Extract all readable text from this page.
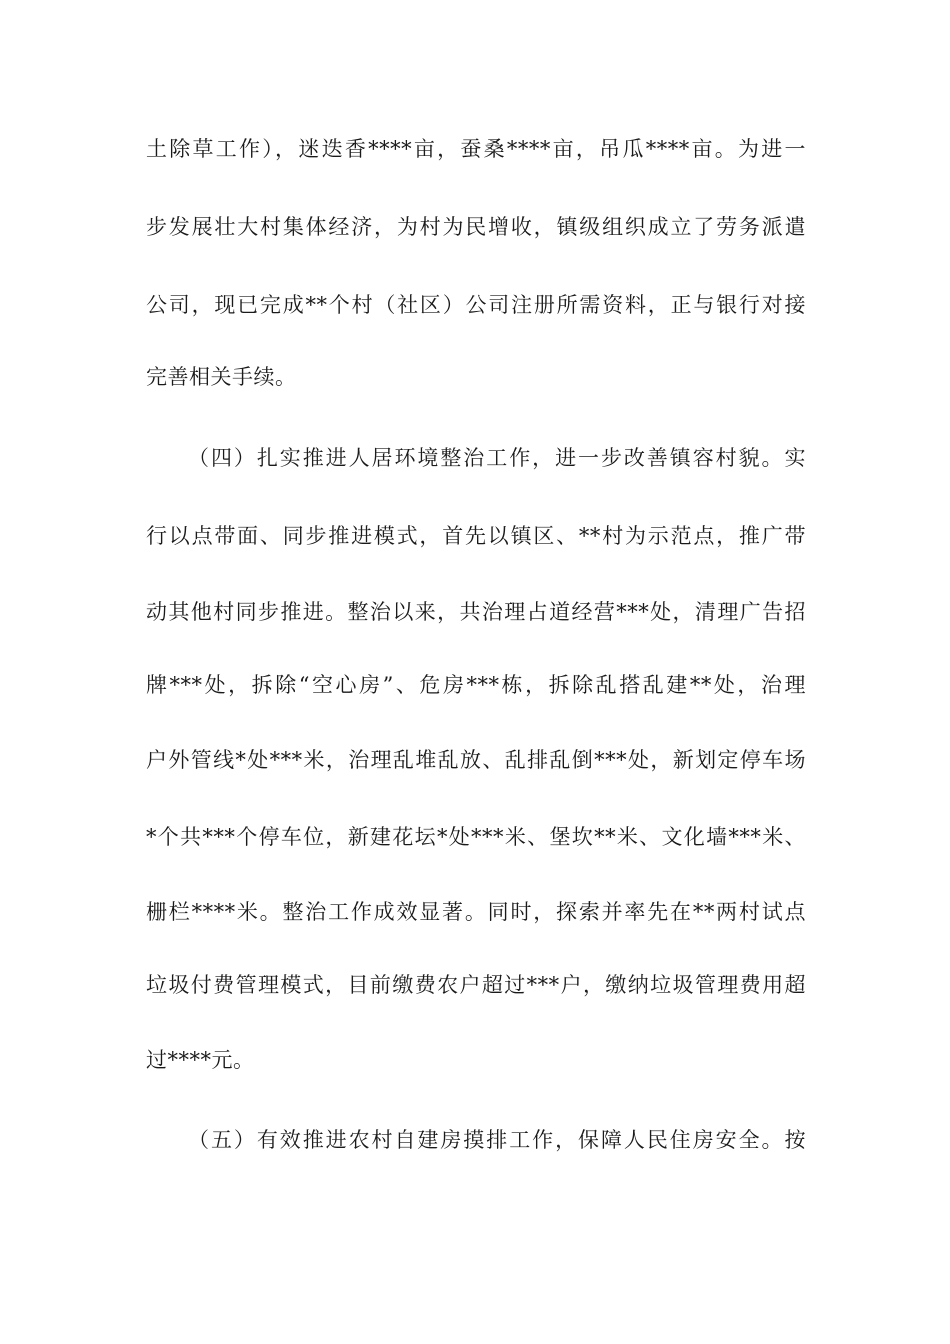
土除草工作），迷迭香****亩，蚕桑****亩，吊瓜****亩。为进一
步发展壮大村集体经济，为村为民增收，镇级组织成立了劳务派遣
公司，现已完成**个村（社区）公司注册所需资料，正与银行对接
完善相关手续。
（四）扎实推进人居环境整治工作，进一步改善镇容村貌。实
行以点带面、同步推进模式，首先以镇区、**村为示范点，推广带
动其他村同步推进。整治以来，共治理占道经营***处，清理广告招
牌***处，拆除“空心房”、危房***栋，拆除乱搭乱建**处，治理
户外管线*处***米，治理乱堆乱放、乱排乱倒***处，新划定停车场
*个共***个停车位，新建花坛*处***米、堡坎**米、文化墙***米、
栅栏****米。整治工作成效显著。同时，探索并率先在**两村试点
垃圾付费管理模式，目前缴费农户超过***户，缴纳垃圾管理费用超
过****元。
（五）有效推进农村自建房摸排工作，保障人民住房安全。按
